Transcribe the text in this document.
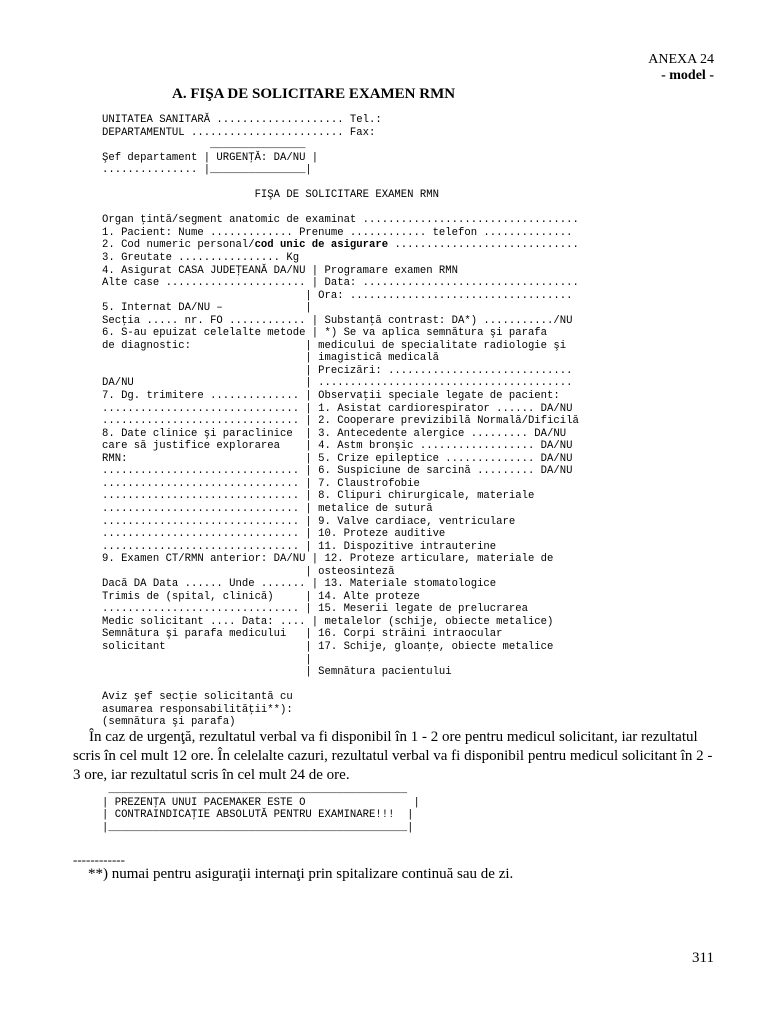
ANEXA 24
- model -
A. FIŞA DE SOLICITARE EXAMEN RMN
UNITATEA SANITARĂ .................... Tel.:
DEPARTAMENTUL ........................ Fax:
_______________
Şef departament | URGENŢĂ: DA/NU |
............... |_______________|

FIŞA DE SOLICITARE EXAMEN RMN

Organ ţintă/segment anatomic de examinat ..................................
1. Pacient: Nume ............. Prenume ............ telefon ..............
2. Cod numeric personal/cod unic de asigurare .............................
3. Greutate ................ Kg
4. Asigurat CASA JUDEŢEANĂ DA/NU | Programare examen RMN
Alte case ...................... | Data: ..................................
| Ora: ...................................
5. Internat DA/NU –             |
Secţia ..... nr. FO ............ | Substanţă contrast: DA*) .........../NU
6. S-au epuizat celelalte metode | *) Se va aplica semnătura şi parafa
de diagnostic:                  | medicului de specialitate radiologie şi
| imagistică medicală
| Precizări: .............................
DA/NU                           | ........................................
7. Dg. trimitere .............. | Observaţii speciale legate de pacient:
............................... | 1. Asistat cardiorespirator ...... DA/NU
............................... | 2. Cooperare previzibilă Normală/Dificilă
8. Date clinice şi paraclinice  | 3. Antecedente alergice ......... DA/NU
care să justifice explorarea    | 4. Astm bronşic .................. DA/NU
RMN:                            | 5. Crize epileptice .............. DA/NU
............................... | 6. Suspiciune de sarcină ......... DA/NU
............................... | 7. Claustrofobie
............................... | 8. Clipuri chirurgicale, materiale
............................... | metalice de sutură
............................... | 9. Valve cardiace, ventriculare
............................... | 10. Proteze auditive
............................... | 11. Dispozitive intrauterine
9. Examen CT/RMN anterior: DA/NU | 12. Proteze articulare, materiale de
| osteosinteză
Dacă DA Data ...... Unde ....... | 13. Materiale stomatologice
Trimis de (spital, clinică)     | 14. Alte proteze
............................... | 15. Meserii legate de prelucrarea
Medic solicitant .... Data: .... | metalelor (schije, obiecte metalice)
Semnătura şi parafa medicului   | 16. Corpi străini intraocular
solicitant                      | 17. Schije, gloanţe, obiecte metalice
|
| Semnătura pacientului

Aviz şef secţie solicitantă cu
asumarea responsabilităţii**):
(semnătura şi parafa)

În caz de urgenţă, rezultatul verbal va fi disponibil în 1 - 2 ore pentru medicul solicitant, iar rezultatul scris în cel mult 12 ore. În celelalte cazuri, rezultatul verbal va fi disponibil pentru medicul solicitant în 2 - 3 ore, iar rezultatul scris în cel mult 24 de ore.

_______________________________________________
| PREZENŢA UNUI PACEMAKER ESTE O                 |
| CONTRAINDICAŢIE ABSOLUTĂ PENTRU EXAMINARE!!!  |
|_______________________________________________|
------------
**) numai pentru asiguraţii internaţi prin spitalizare continuă sau de zi.
311
